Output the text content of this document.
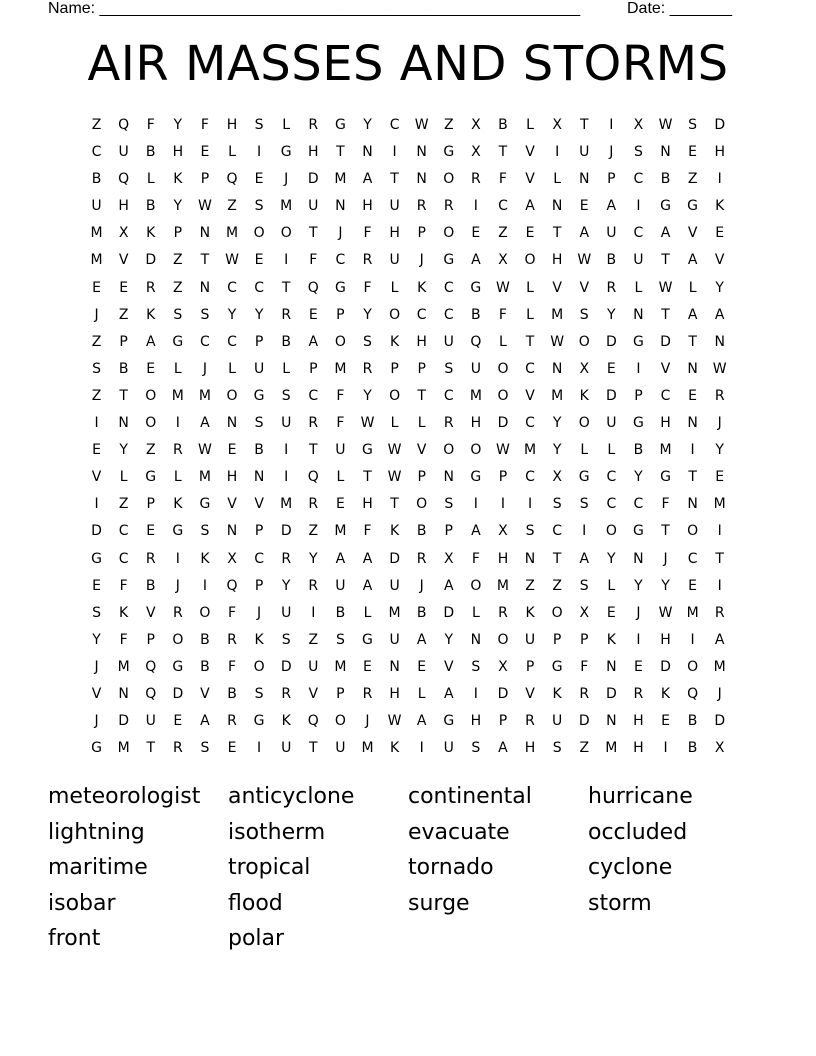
Name: ______________________________________________________	Date: _______
AIR MASSES AND STORMS
Z	Q	F	Y	F	H	S	L	R	G	Y	C	W	Z	X	B	L	X	T	I	X	W	S	D
C	U	B	H	E	L	I	G	H	T	N	I	N	G	X	T	V	I	U	J	S	N	E	H
B	Q	L	K	P	Q	E	J	D	M	A	T	N	O	R	F	V	L	N	P	C	B	Z	I
U	H	B	Y	W	Z	S	M	U	N	H	U	R	R	I	C	A	N	E	A	I	G	G	K
M	X	K	P	N	M	O	O	T	J	F	H	P	O	E	Z	E	T	A	U	C	A	V	E
M	V	D	Z	T	W	E	I	F	C	R	U	J	G	A	X	O	H	W	B	U	T	A	V
E	E	R	Z	N	C	C	T	Q	G	F	L	K	C	G	W	L	V	V	R	L	W	L	Y
J	Z	K	S	S	Y	Y	R	E	P	Y	O	C	C	B	F	L	M	S	Y	N	T	A	A
Z	P	A	G	C	C	P	B	A	O	S	K	H	U	Q	L	T	W	O	D	G	D	T	N
S	B	E	L	J	L	U	L	P	M	R	P	P	S	U	O	C	N	X	E	I	V	N	W
Z	T	O	M	M	O	G	S	C	F	Y	O	T	C	M	O	V	M	K	D	P	C	E	R
I	N	O	I	A	N	S	U	R	F	W	L	L	R	H	D	C	Y	O	U	G	H	N	J
E	Y	Z	R	W	E	B	I	T	U	G	W	V	O	O	W	M	Y	L	L	B	M	I	Y
V	L	G	L	M	H	N	I	Q	L	T	W	P	N	G	P	C	X	G	C	Y	G	T	E
I	Z	P	K	G	V	V	M	R	E	H	T	O	S	I	I	I	S	S	C	C	F	N	M
D	C	E	G	S	N	P	D	Z	M	F	K	B	P	A	X	S	C	I	O	G	T	O	I
G	C	R	I	K	X	C	R	Y	A	A	D	R	X	F	H	N	T	A	Y	N	J	C	T
E	F	B	J	I	Q	P	Y	R	U	A	U	J	A	O	M	Z	Z	S	L	Y	Y	E	I
S	K	V	R	O	F	J	U	I	B	L	M	B	D	L	R	K	O	X	E	J	W	M	R
Y	F	P	O	B	R	K	S	Z	S	G	U	A	Y	N	O	U	P	P	K	I	H	I	A
J	M	Q	G	B	F	O	D	U	M	E	N	E	V	S	X	P	G	F	N	E	D	O	M
V	N	Q	D	V	B	S	R	V	P	R	H	L	A	I	D	V	K	R	D	R	K	Q	J
J	D	U	E	A	R	G	K	Q	O	J	W	A	G	H	P	R	U	D	N	H	E	B	D
G	M	T	R	S	E	I	U	T	U	M	K	I	U	S	A	H	S	Z	M	H	I	B	X
meteorologist	anticyclone	continental	hurricane
lightning	isotherm	evacuate	occluded
maritime	tropical	tornado	cyclone
isobar	flood	surge	storm
front	polar
